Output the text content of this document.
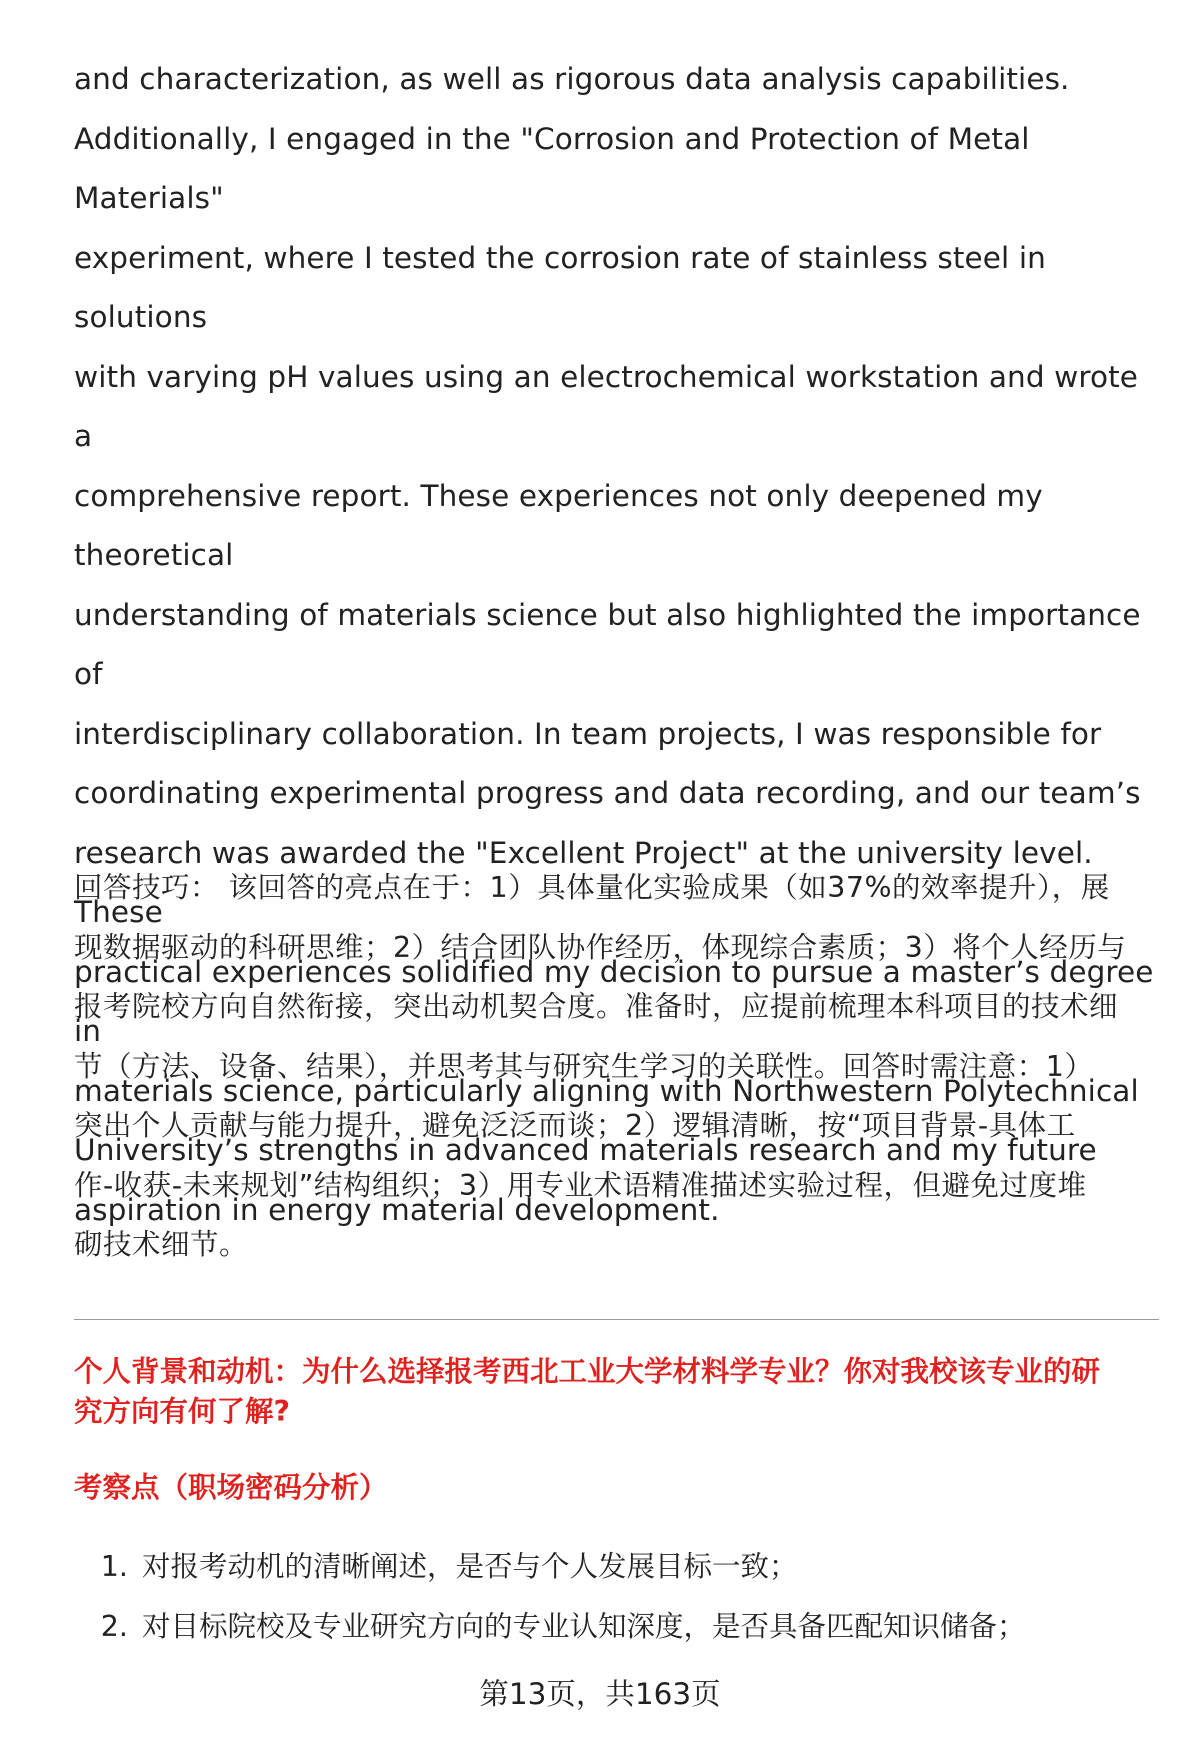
and characterization, as well as rigorous data analysis capabilities.
Additionally, I engaged in the "Corrosion and Protection of Metal Materials"
experiment, where I tested the corrosion rate of stainless steel in solutions
with varying pH values using an electrochemical workstation and wrote a
comprehensive report. These experiences not only deepened my theoretical
understanding of materials science but also highlighted the importance of
interdisciplinary collaboration. In team projects, I was responsible for
coordinating experimental progress and data recording, and our team’s
research was awarded the "Excellent Project" at the university level. These
practical experiences solidified my decision to pursue a master’s degree in
materials science, particularly aligning with Northwestern Polytechnical
University’s strengths in advanced materials research and my future
aspiration in energy material development.

回答技巧： 该回答的亮点在于：1）具体量化实验成果（如37%的效率提升），展
现数据驱动的科研思维；2）结合团队协作经历，体现综合素质；3）将个人经历与
报考院校方向自然衔接，突出动机契合度。准备时，应提前梳理本科项目的技术细
节（方法、设备、结果），并思考其与研究生学习的关联性。回答时需注意：1）
突出个人贡献与能力提升，避免泛泛而谈；2）逻辑清晰，按“项目背景-具体工
作-收获-未来规划”结构组织；3）用专业术语精准描述实验过程，但避免过度堆
砌技术细节。

个人背景和动机：为什么选择报考西北工业大学材料学专业？你对我校该专业的研
究方向有何了解?
考察点（职场密码分析）
1. 对报考动机的清晰阐述，是否与个人发展目标一致；
2. 对目标院校及专业研究方向的专业认知深度，是否具备匹配知识储备；
第13页，共163页
